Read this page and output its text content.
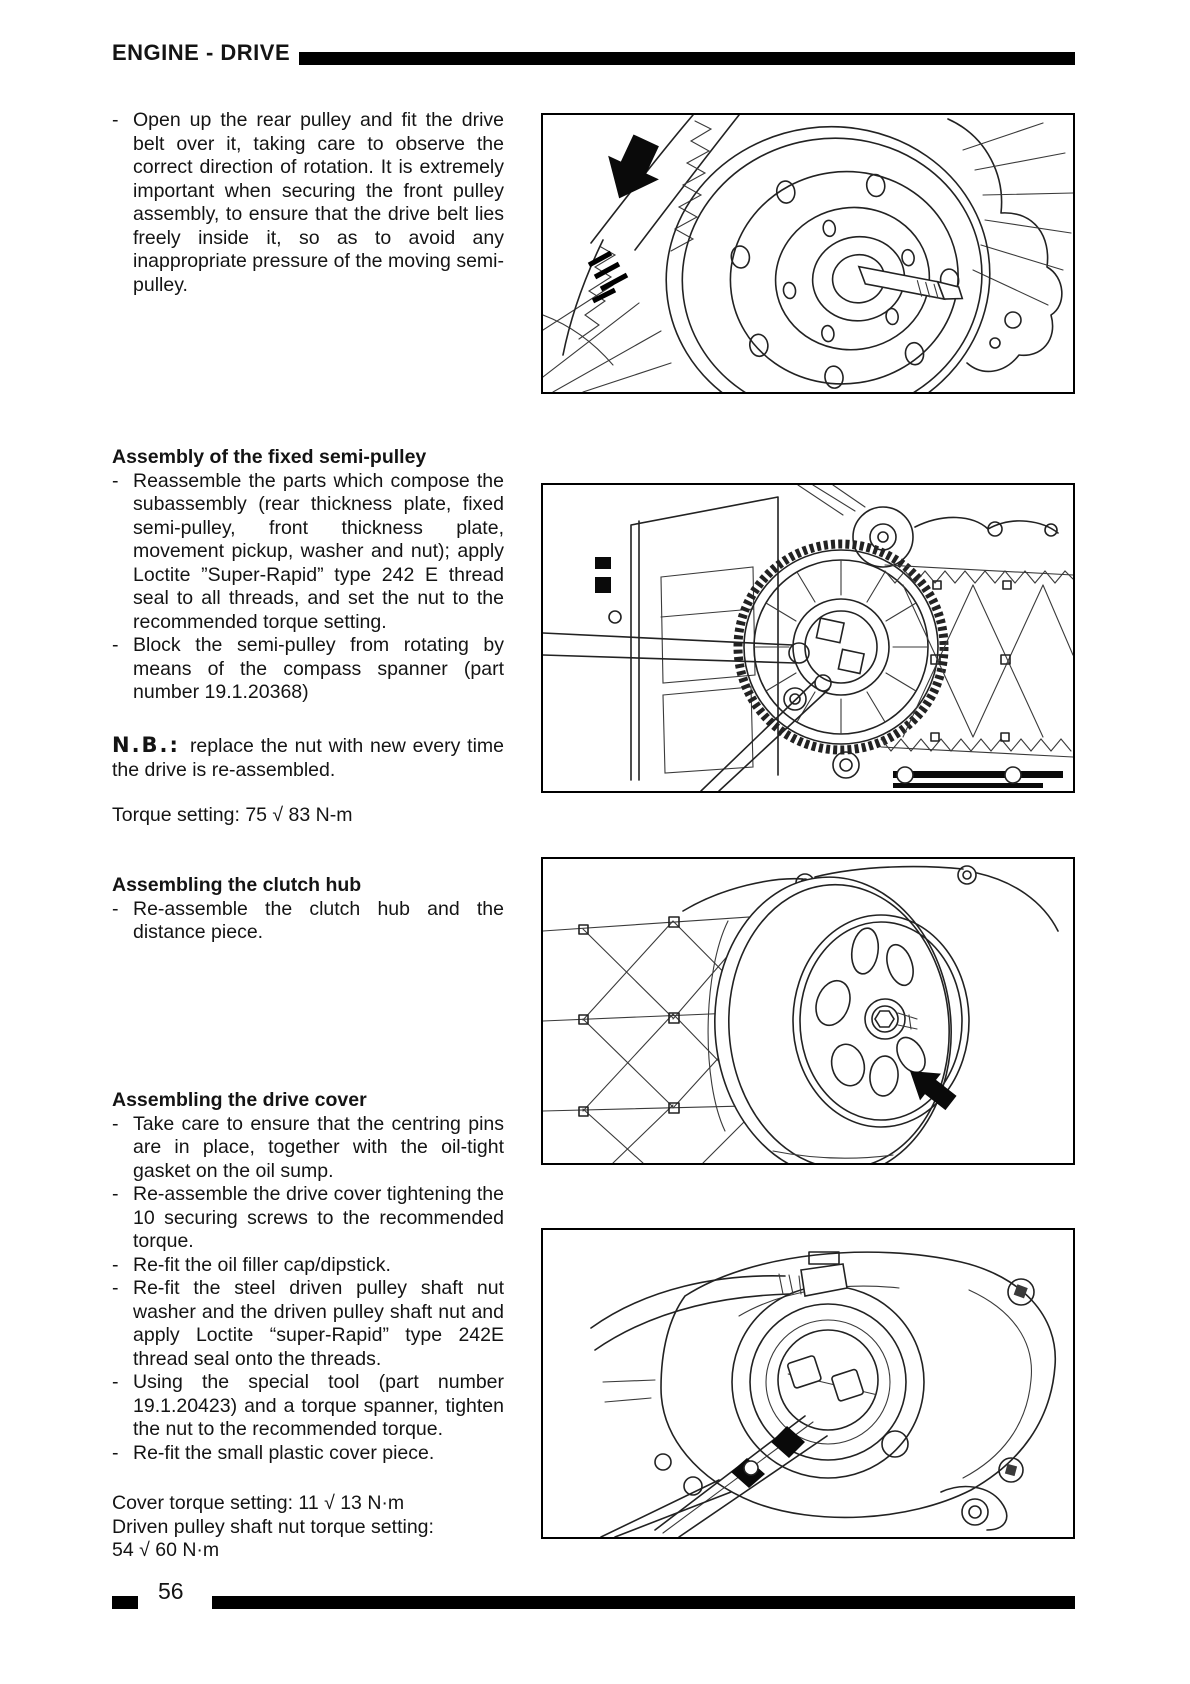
ENGINE - DRIVE
- Open up the rear pulley and fit the drive belt over it, taking care to observe the correct direction of rotation. It is extremely important when securing the front pulley assembly, to ensure that the drive belt lies freely inside it, so as to avoid any inappropriate pressure of the moving semi-pulley.
Assembly of the fixed semi-pulley
- Reassemble the parts which compose the subassembly (rear thickness plate, fixed semi-pulley, front thickness plate, movement pickup, washer and nut); apply Loctite ”Super-Rapid” type 242 E thread seal to all threads, and set the nut to the recommended torque setting.
- Block the semi-pulley from rotating by means of the compass spanner (part number 19.1.20368)
N.B.: replace the nut with new every time the drive is re-assembled.
Torque setting: 75 √ 83 N-m
Assembling the clutch hub
- Re-assemble the clutch hub and the distance piece.
Assembling the drive cover
- Take care to ensure that the centring pins are in place, together with the oil-tight gasket on the oil sump.
- Re-assemble the drive cover tightening the 10 securing screws to the recommended torque.
- Re-fit the oil filler cap/dipstick.
- Re-fit the steel driven pulley shaft nut washer and the driven pulley shaft nut and apply Loctite “super-Rapid” type 242E thread seal onto the threads.
- Using the special tool (part number 19.1.20423) and a torque spanner, tighten the nut to the recommended torque.
- Re-fit the small plastic cover piece.
Cover torque setting: 11 √ 13 N·m
Driven pulley shaft nut torque setting:
54 √ 60 N·m
56
